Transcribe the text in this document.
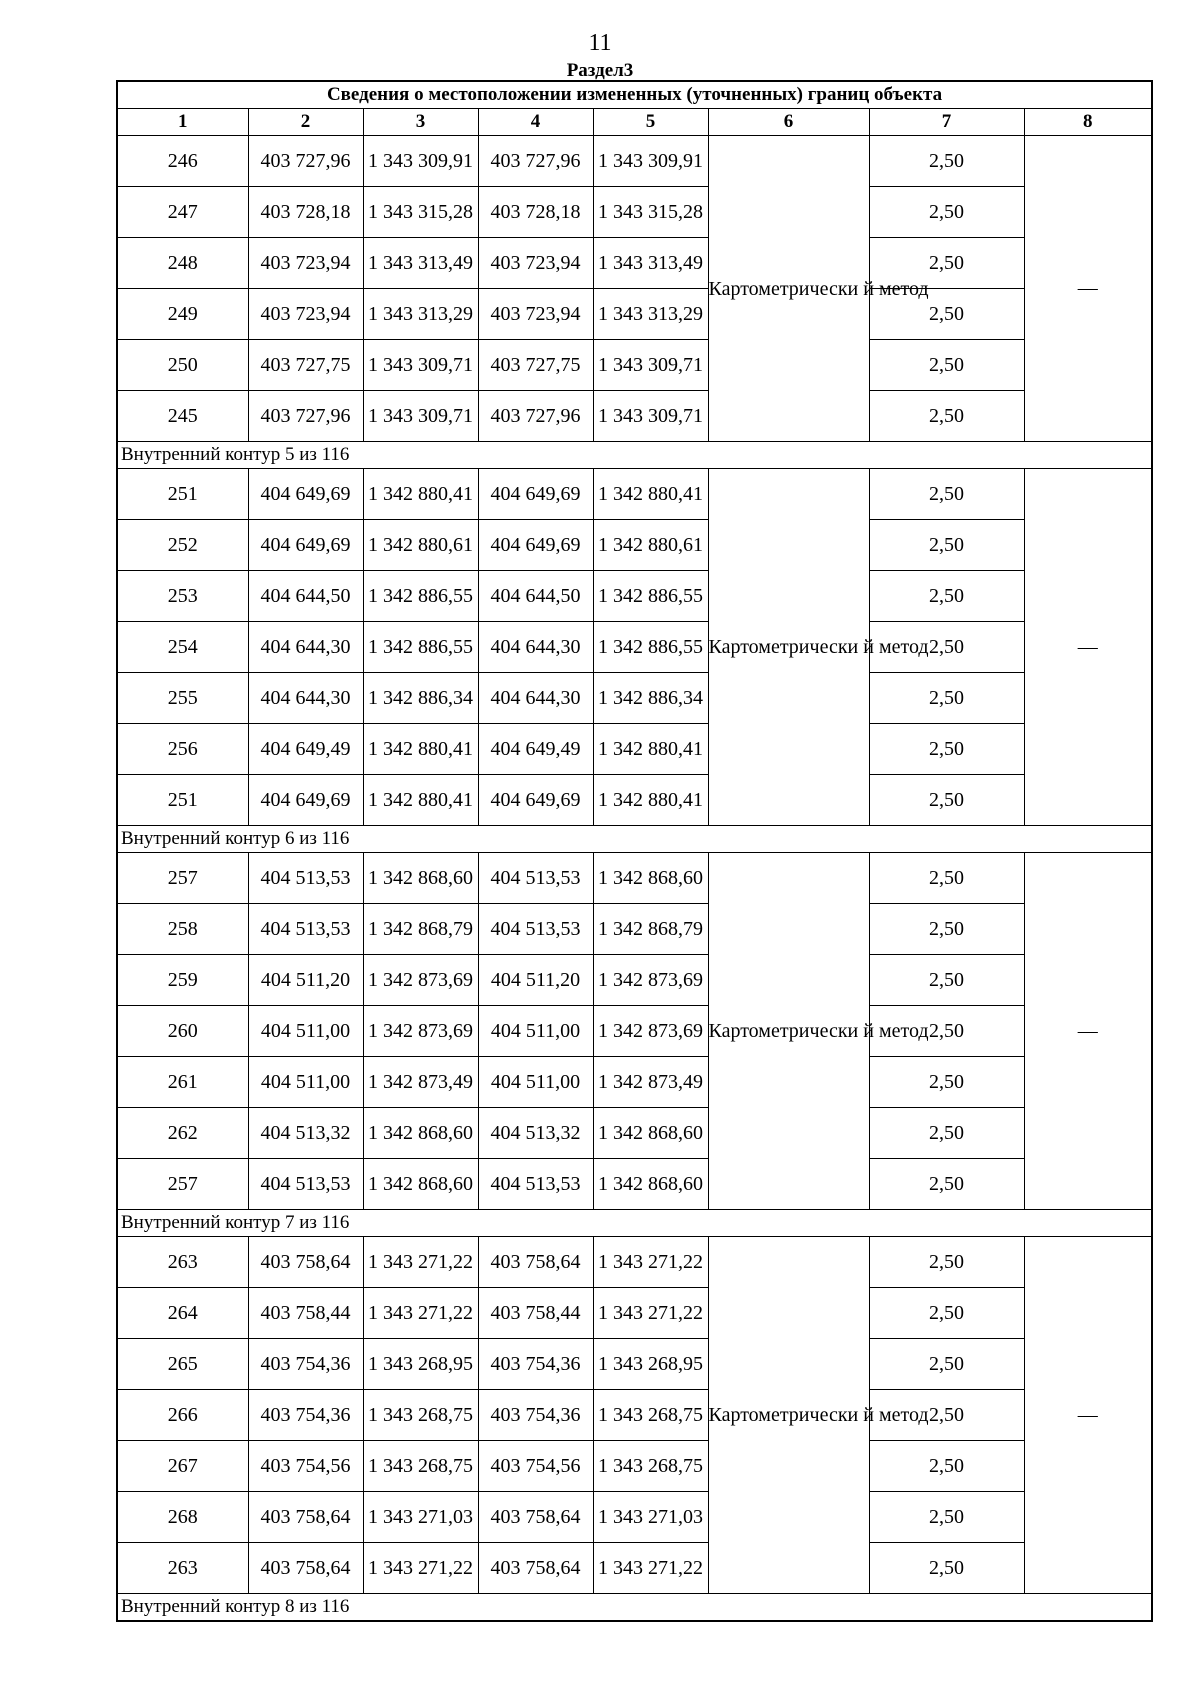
11
Раздел3
Сведения о местоположении измененных (уточненных) границ объекта							
1	2	3	4	5	6	7	8
246	403 727,96	1 343 309,91	403 727,96	1 343 309,91	Картометрически й метод	2,50	—
247	403 728,18	1 343 315,28	403 728,18	1 343 315,28		2,50	
248	403 723,94	1 343 313,49	403 723,94	1 343 313,49		2,50	
249	403 723,94	1 343 313,29	403 723,94	1 343 313,29		2,50	
250	403 727,75	1 343 309,71	403 727,75	1 343 309,71		2,50	
245	403 727,96	1 343 309,71	403 727,96	1 343 309,71		2,50	
Внутренний контур 5 из 116							
251	404 649,69	1 342 880,41	404 649,69	1 342 880,41	Картометрически й метод	2,50	—
252	404 649,69	1 342 880,61	404 649,69	1 342 880,61		2,50	
253	404 644,50	1 342 886,55	404 644,50	1 342 886,55		2,50	
254	404 644,30	1 342 886,55	404 644,30	1 342 886,55		2,50	
255	404 644,30	1 342 886,34	404 644,30	1 342 886,34		2,50	
256	404 649,49	1 342 880,41	404 649,49	1 342 880,41		2,50	
251	404 649,69	1 342 880,41	404 649,69	1 342 880,41		2,50	
Внутренний контур 6 из 116							
257	404 513,53	1 342 868,60	404 513,53	1 342 868,60	Картометрически й метод	2,50	—
258	404 513,53	1 342 868,79	404 513,53	1 342 868,79		2,50	
259	404 511,20	1 342 873,69	404 511,20	1 342 873,69		2,50	
260	404 511,00	1 342 873,69	404 511,00	1 342 873,69		2,50	
261	404 511,00	1 342 873,49	404 511,00	1 342 873,49		2,50	
262	404 513,32	1 342 868,60	404 513,32	1 342 868,60		2,50	
257	404 513,53	1 342 868,60	404 513,53	1 342 868,60		2,50	
Внутренний контур 7 из 116							
263	403 758,64	1 343 271,22	403 758,64	1 343 271,22	Картометрически й метод	2,50	—
264	403 758,44	1 343 271,22	403 758,44	1 343 271,22		2,50	
265	403 754,36	1 343 268,95	403 754,36	1 343 268,95		2,50	
266	403 754,36	1 343 268,75	403 754,36	1 343 268,75		2,50	
267	403 754,56	1 343 268,75	403 754,56	1 343 268,75		2,50	
268	403 758,64	1 343 271,03	403 758,64	1 343 271,03		2,50	
263	403 758,64	1 343 271,22	403 758,64	1 343 271,22		2,50	
Внутренний контур 8 из 116							
